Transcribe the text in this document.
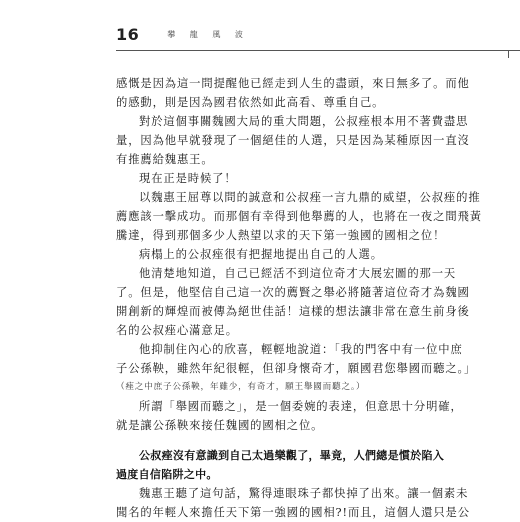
16	攀 龍 風 波
感慨是因為這一問提醒他已經走到人生的盡頭，來日無多了。而他
的感動，則是因為國君依然如此高看、尊重自己。
對於這個事關魏國大局的重大問題，公叔痤根本用不著費盡思
量，因為他早就發現了一個絕佳的人選，只是因為某種原因一直沒
有推薦給魏惠王。
現在正是時候了！
以魏惠王屈尊以問的誠意和公叔痤一言九鼎的威望，公叔痤的推
薦應該一擊成功。而那個有幸得到他舉薦的人，也將在一夜之間飛黃
騰達，得到那個多少人熱望以求的天下第一強國的國相之位！
病榻上的公叔痤很有把握地提出自己的人選。
他清楚地知道，自己已經活不到這位奇才大展宏圖的那一天
了。但是，他堅信自己這一次的薦賢之舉必將隨著這位奇才為魏國
開創新的輝煌而被傳為絕世佳話！這樣的想法讓非常在意生前身後
名的公叔痤心滿意足。
他抑制住內心的欣喜，輕輕地說道：「我的門客中有一位中庶
子公孫鞅，雖然年紀很輕，但卻身懷奇才，願國君您舉國而聽之。」
（痤之中庶子公孫鞅，年雖少，有奇才，願王舉國而聽之。）
所謂「舉國而聽之」，是一個委婉的表達，但意思十分明確，
就是讓公孫鞅來接任魏國的國相之位。
公叔痤沒有意識到自己太過樂觀了，畢竟，人們總是慣於陷入
過度自信陷阱之中。
魏惠王聽了這句話，驚得連眼珠子都快掉了出來。讓一個素未
聞名的年輕人來擔任天下第一強國的國相?!而且，這個人還只是公
